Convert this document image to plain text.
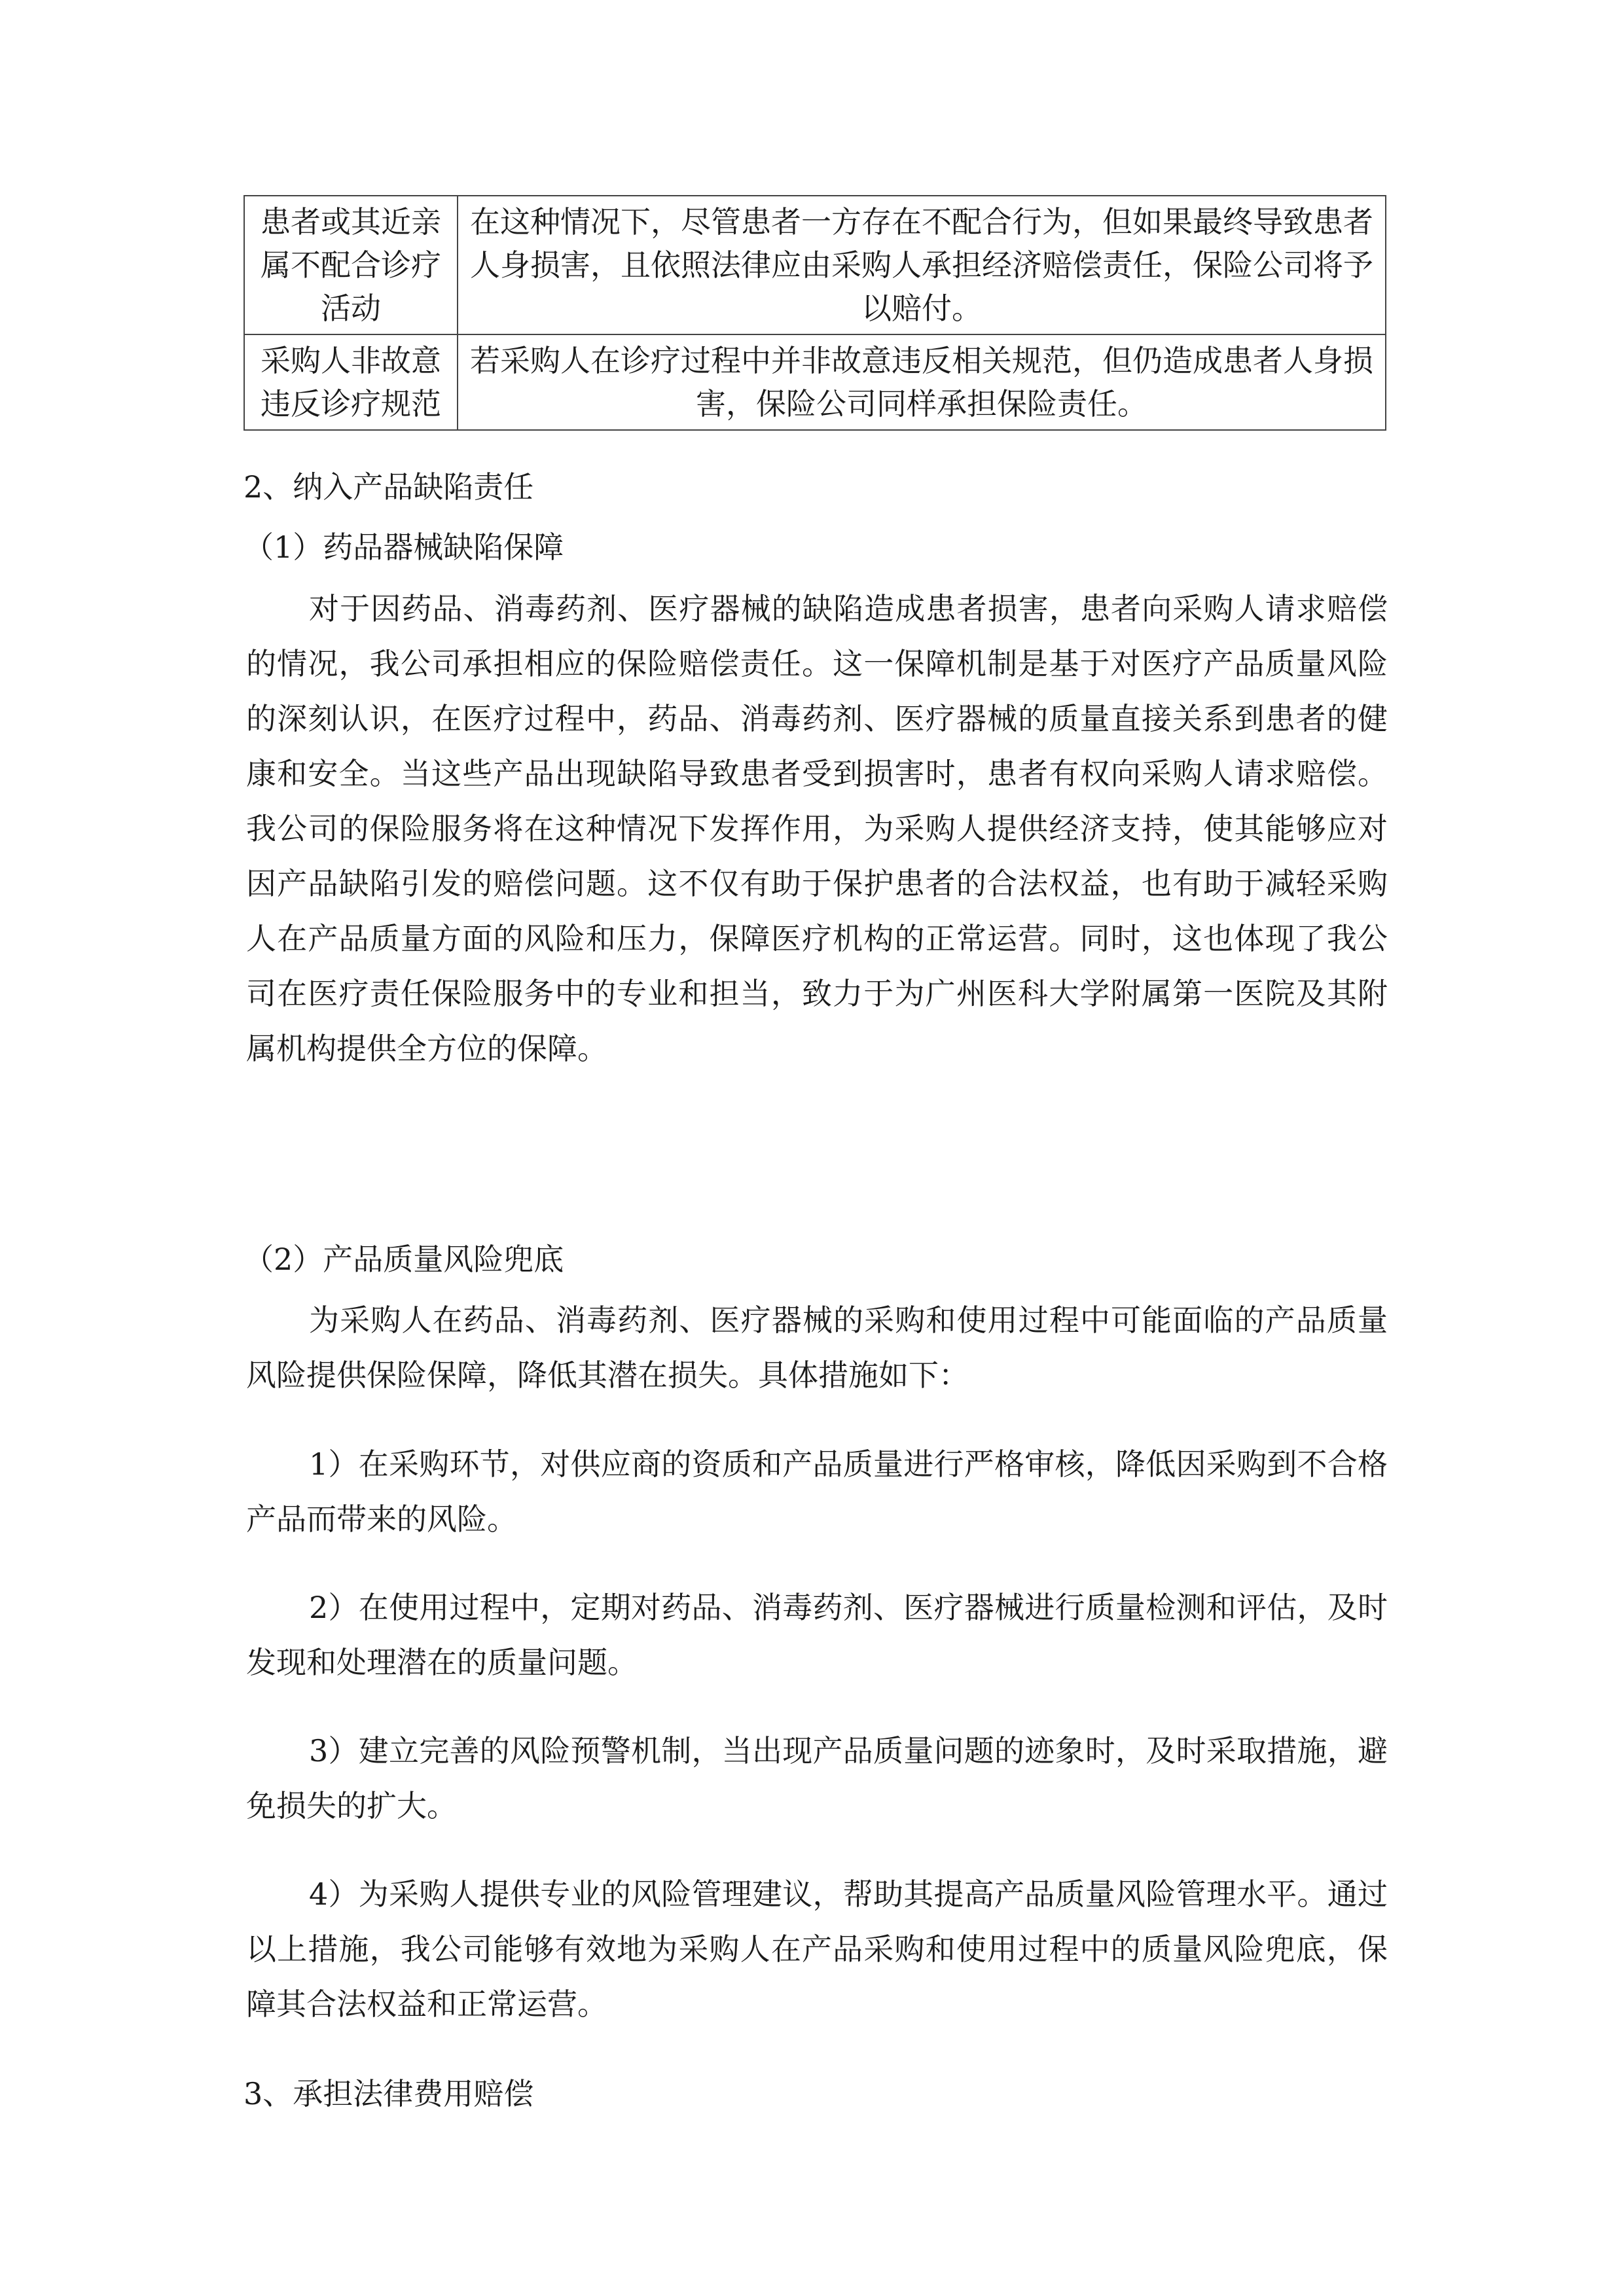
患者或其近亲属不配合诊疗活动	在这种情况下，尽管患者一方存在不配合行为，但如果最终导致患者人身损害，且依照法律应由采购人承担经济赔偿责任，保险公司将予以赔付。
采购人非故意违反诊疗规范	若采购人在诊疗过程中并非故意违反相关规范，但仍造成患者人身损害，保险公司同样承担保险责任。
2、纳入产品缺陷责任
（1）药品器械缺陷保障
对于因药品、消毒药剂、医疗器械的缺陷造成患者损害，患者向采购人请求赔偿的情况，我公司承担相应的保险赔偿责任。这一保障机制是基于对医疗产品质量风险的深刻认识，在医疗过程中，药品、消毒药剂、医疗器械的质量直接关系到患者的健康和安全。当这些产品出现缺陷导致患者受到损害时，患者有权向采购人请求赔偿。我公司的保险服务将在这种情况下发挥作用，为采购人提供经济支持，使其能够应对因产品缺陷引发的赔偿问题。这不仅有助于保护患者的合法权益，也有助于减轻采购人在产品质量方面的风险和压力，保障医疗机构的正常运营。同时，这也体现了我公司在医疗责任保险服务中的专业和担当，致力于为广州医科大学附属第一医院及其附属机构提供全方位的保障。
（2）产品质量风险兜底
为采购人在药品、消毒药剂、医疗器械的采购和使用过程中可能面临的产品质量风险提供保险保障，降低其潜在损失。具体措施如下：
1）在采购环节，对供应商的资质和产品质量进行严格审核，降低因采购到不合格产品而带来的风险。
2）在使用过程中，定期对药品、消毒药剂、医疗器械进行质量检测和评估，及时发现和处理潜在的质量问题。
3）建立完善的风险预警机制，当出现产品质量问题的迹象时，及时采取措施，避免损失的扩大。
4）为采购人提供专业的风险管理建议，帮助其提高产品质量风险管理水平。通过以上措施，我公司能够有效地为采购人在产品采购和使用过程中的质量风险兜底，保障其合法权益和正常运营。
3、承担法律费用赔偿
